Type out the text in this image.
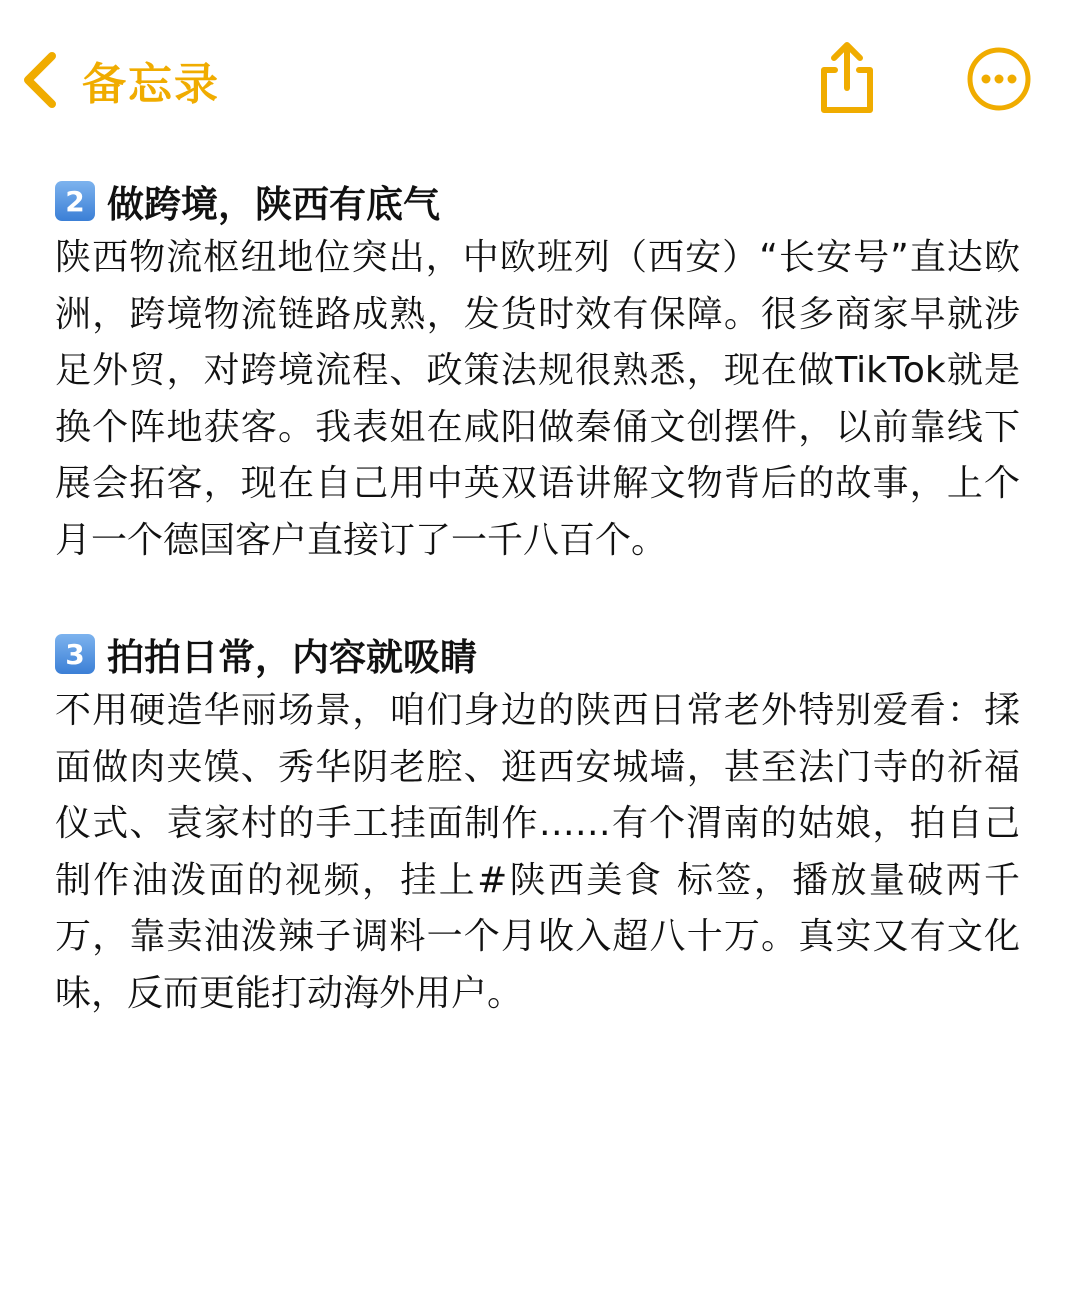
备忘录
2 做跨境，陕西有底气

陕西物流枢纽地位突出，中欧班列（西安）“长安号”直达欧洲，跨境物流链路成熟，发货时效有保障。很多商家早就涉足外贸，对跨境流程、政策法规很熟悉，现在做TikTok就是换个阵地获客。我表姐在咸阳做秦俑文创摆件，以前靠线下展会拓客，现在自己用中英双语讲解文物背后的故事，上个月一个德国客户直接订了一千八百个。

3 拍拍日常，内容就吸睛

不用硬造华丽场景，咱们身边的陕西日常老外特别爱看：揉面做肉夹馍、秀华阴老腔、逛西安城墙，甚至法门寺的祈福仪式、袁家村的手工挂面制作……有个渭南的姑娘，拍自己制作油泼面的视频，挂上#陕西美食 标签，播放量破两千万，靠卖油泼辣子调料一个月收入超八十万。真实又有文化味，反而更能打动海外用户。
